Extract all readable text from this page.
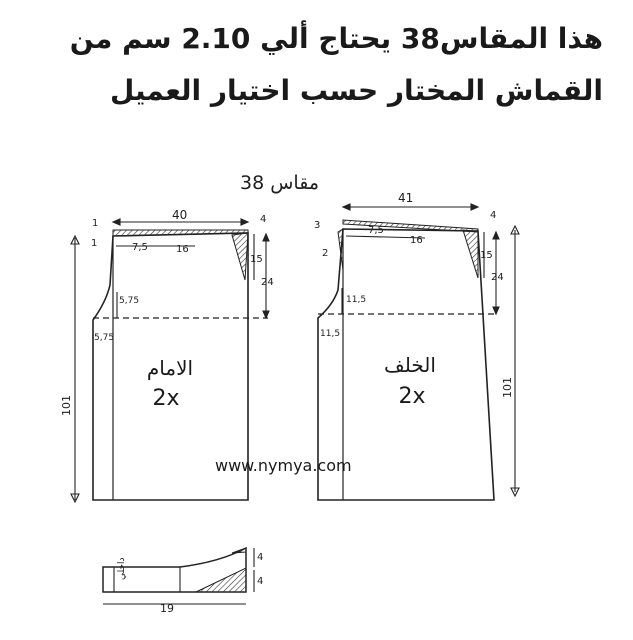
هذا المقاس38 يحتاج ألي 2.10 سم من
القماش المختار حسب اختيار العميل
مقاس 38
40
7,5	16
15
24
5,75
5,75
101
1
1
4
41
7,5
16
15
24
11,5
11,5
101
3
2
4
داخلي
19
4
4
الامام
2x
الخلف
2x
www.nymya.com
